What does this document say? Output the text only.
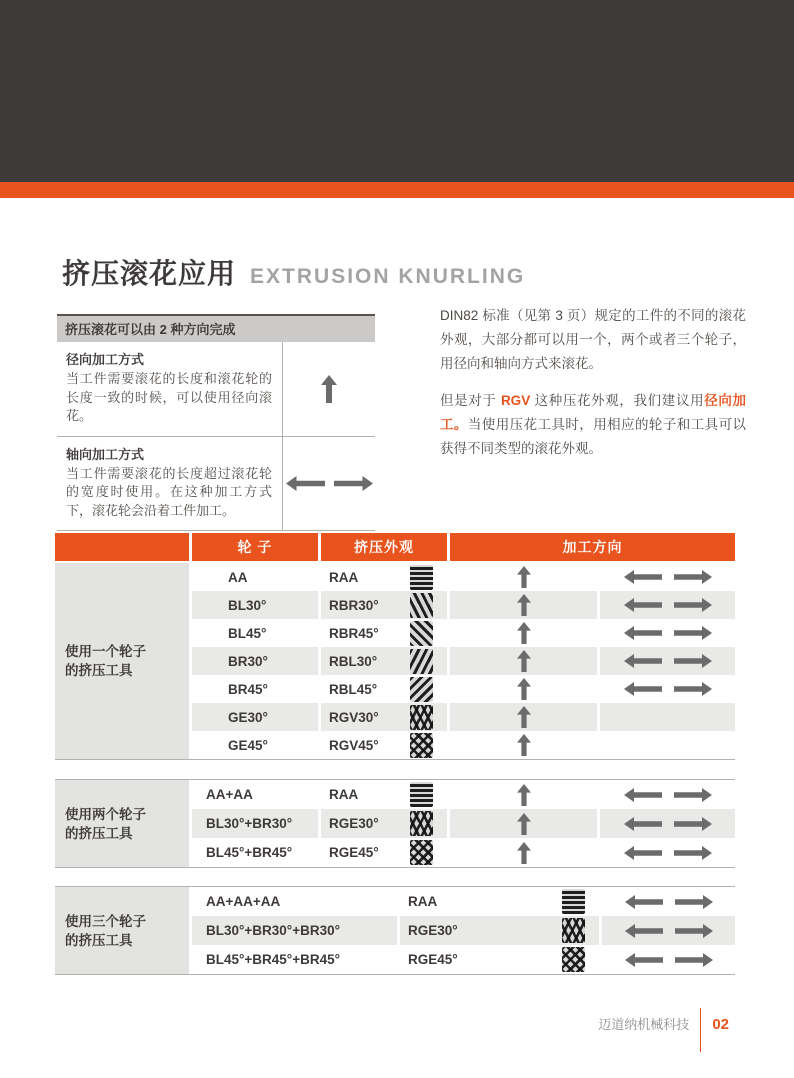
挤压滚花应用 EXTRUSION KNURLING
挤压滚花可以由 2 种方向完成
径向加工方式
当工件需要滚花的长度和滚花轮的长度一致的时候，可以使用径向滚花。
轴向加工方式
当工件需要滚花的长度超过滚花轮的宽度时使用。在这种加工方式下，滚花轮会沿着工件加工。

DIN82 标准（见第 3 页）规定的工件的不同的滚花外观，大部分都可以用一个，两个或者三个轮子，用径向和轴向方式来滚花。

但是对于 RGV 这种压花外观，我们建议用径向加工。当使用压花工具时，用相应的轮子和工具可以获得不同类型的滚花外观。

轮 子	挤压外观	加工方向
使用一个轮子
的挤压工具
AA	RAA
BL30°	RBR30°
BL45°	RBR45°
BR30°	RBL30°
BR45°	RBL45°
GE30°	RGV30°
GE45°	RGV45°
使用两个轮子
的挤压工具
AA+AA	RAA
BL30°+BR30°	RGE30°
BL45°+BR45°	RGE45°
使用三个轮子
的挤压工具
AA+AA+AA	RAA
BL30°+BR30°+BR30°	RGE30°
BL45°+BR45°+BR45°	RGE45°
迈道纳机械科技 02
